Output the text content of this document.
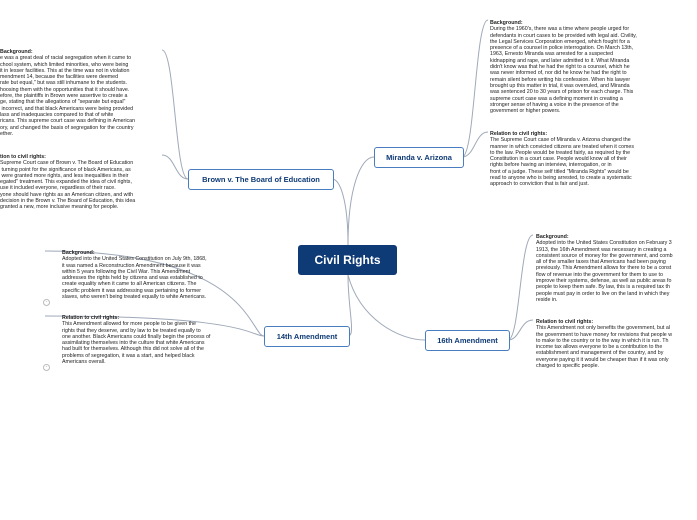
Civil Rights
Miranda v. Arizona
Brown v. The Board of Education
14th Amendment	16th Amendment
Background:
During the 1960's, there was a time where people urged for
defendants in court cases to be provided with legal aid. Civility,
the Legal Services Corporation emerged, which fought for a
presence of a counsel in police interrogation. On March 13th,
1963, Ernesto Miranda was arrested for a suspected
kidnapping and rape, and later admitted to it. What Miranda
didn't know was that he had the right to a counsel, which he
was never informed of, nor did he know he had the right to
remain silent before writing his confession. When his lawyer
brought up this matter in trial, it was overruled, and Miranda
was sentenced 20 to 30 years of prison for each charge. This
supreme court case was a defining moment in creating a
stronger sense of having a voice in the presence of the
government or higher powers.
Relation to civil rights:
The Supreme Court case of Miranda v. Arizona changed the
manner in which convicted citizens are treated when it comes
to the law. People would be treated fairly, as required by the
Constitution in a court case. People would know all of their
rights before having an interview, interrogation, or in
front of a judge. These self titled "Miranda Rights" would be
read to anyone who is being arrested, to create a systematic
approach to conviction that is fair and just.
Background:
e was a great deal of racial segregation when it came to
chool system, which limited minorities, who were being
it in lesser facilities. This at the time was not in violation
mendment 14, because the facilities were deemed
rate but equal," but was still inhumane to the students.
hoosing them with the opportunities that it should have.
efore, the plaintiffs in Brown were assertive to create a
ge, stating that the allegations of "separate but equal"
incorrect, and that black Americans were being provided
lass and inadequacies compared to that of white
ricans. This supreme court case was defining in American
ory, and changed the basis of segregation for the country
ether.
tion to civil rights:
Supreme Court case of Brown v. The Board of Education
turning point for the significance of black Americans, as
were granted more rights, and less inequalities in their
egated" treatment. This expanded the idea of civil rights,
use it included everyone, regardless of their race.
yone should have rights as an American citizen, and with
decision in the Brown v. The Board of Education, this idea
granted a new, more inclusive meaning for people.
Background:
Adopted into the United States Constitution on July 9th, 1868,
it was named a Reconstruction Amendment because it was
within 5 years following the Civil War. This Amendment
addresses the rights held by citizens and was established to
create equality when it came to all American citizens. The
specific problem it was addressing was pertaining to former
slaves, who weren't being treated equally to white Americans.
-
Relation to civil rights:
This Amendment allowed for more people to be given the
rights that they deserve, and by law to be treated equally to
one another. Black Americans could finally begin the process of
assimilating themselves into the culture that white Americans
had built for themselves. Although this did not solve all of the
problems of segregation, it was a start, and helped black
Americans overall.
-
Background:
Adopted into the United States Constitution on February 3
1913, the 16th Amendment was necessary in creating a
consistent source of money for the government, and comb
all of the smaller taxes that Americans had been paying
previously. This Amendment allows for there to be a const
flow of revenue into the government for them to use to
improve their systems, defense, as well as public areas fo
people to keep them safe. By law, this is a required tax th
people must pay in order to live on the land in which they
reside in.
Relation to civil rights:
This Amendment not only benefits the government, but al
the government to have money for revisions that people w
to make to the country or to the way in which it is run. Th
income tax allows everyone to be a contribution to the
establishment and management of the country, and by
everyone paying it it would be cheaper than if it was only
charged to specific people.
